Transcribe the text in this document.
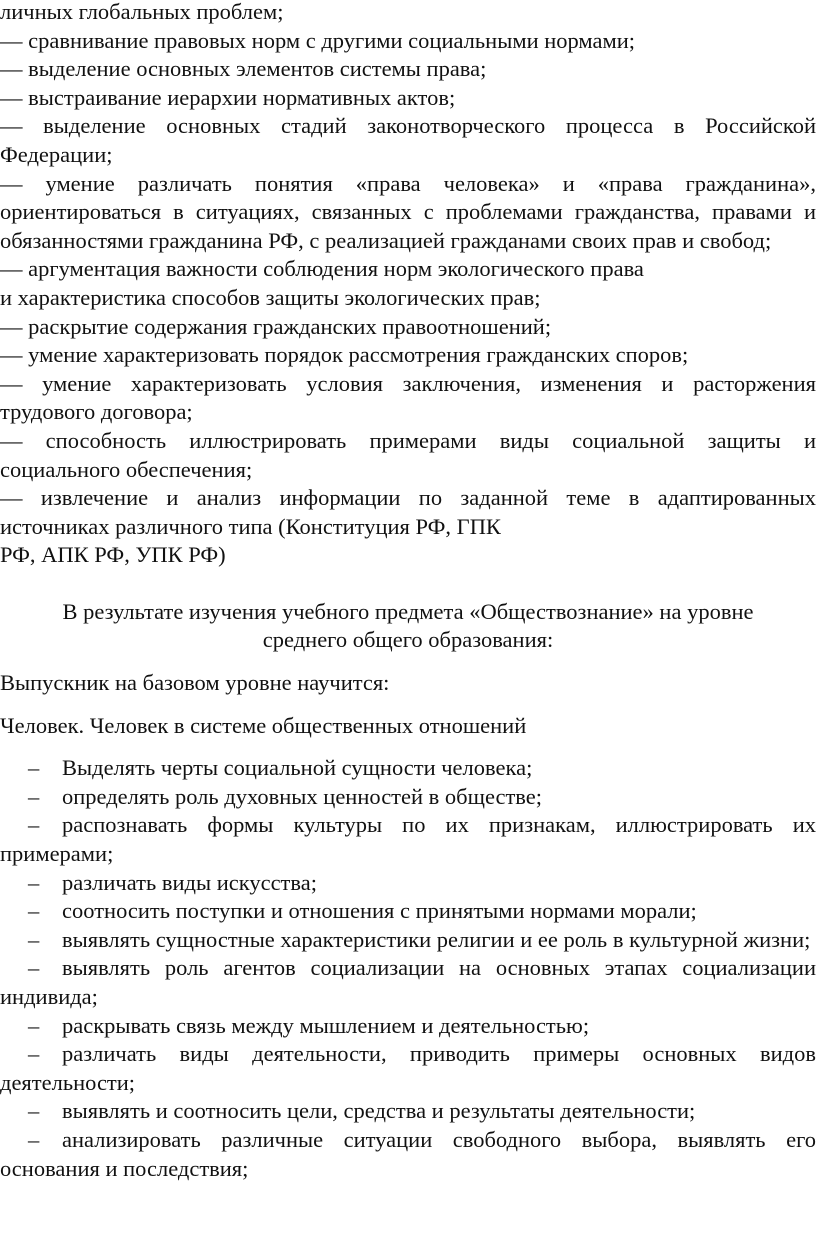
личных глобальных проблем;

— сравнивание правовых норм с другими социальными нормами;

— выделение основных элементов системы права;

— выстраивание иерархии нормативных актов;

— выделение основных стадий законотворческого процесса в Российской Федерации;

— умение различать понятия «права человека» и «права гражданина», ориентироваться в ситуациях, связанных с проблемами гражданства, правами и обязанностями гражданина РФ, с реализацией гражданами своих прав и свобод;

— аргументация важности соблюдения норм экологического права

и характеристика способов защиты экологических прав;

— раскрытие содержания гражданских правоотношений;

— умение характеризовать порядок рассмотрения гражданских споров;

— умение характеризовать условия заключения, изменения и расторжения трудового договора;

— способность иллюстрировать примерами виды социальной защиты и социального обеспечения;

— извлечение и анализ информации по заданной теме в адаптированных источниках различного типа (Конституция РФ, ГПК

РФ, АПК РФ, УПК РФ)

В результате изучения учебного предмета «Обществознание» на уровне среднего общего образования:

Выпускник на базовом уровне научится:

Человек. Человек в системе общественных отношений

– Выделять черты социальной сущности человека;

– определять роль духовных ценностей в обществе;

– распознавать формы культуры по их признакам, иллюстрировать их примерами;

– различать виды искусства;

– соотносить поступки и отношения с принятыми нормами морали;

– выявлять сущностные характеристики религии и ее роль в культурной жизни;

– выявлять роль агентов социализации на основных этапах социализации индивида;

– раскрывать связь между мышлением и деятельностью;

– различать виды деятельности, приводить примеры основных видов деятельности;

– выявлять и соотносить цели, средства и результаты деятельности;

– анализировать различные ситуации свободного выбора, выявлять его основания и последствия;
